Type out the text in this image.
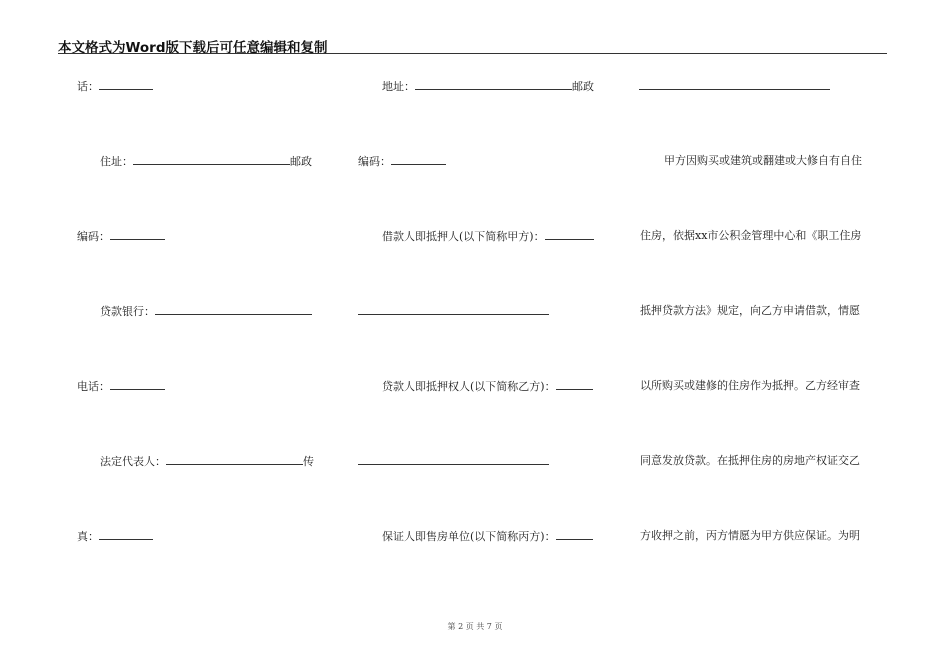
本文格式为Word版下载后可任意编辑和复制
话：
住址：	邮政
编码：
贷款银行：
电话：
法定代表人：	传
真：
地址：	邮政
编码：
借款人即抵押人(以下简称甲方)：
贷款人即抵押权人(以下简称乙方)：
保证人即售房单位(以下简称丙方)：
甲方因购买或建筑或翻建或大修自有自住
住房，依据xx市公积金管理中心和《职工住房
抵押贷款方法》规定，向乙方申请借款，情愿
以所购买或建修的住房作为抵押。乙方经审查
同意发放贷款。在抵押住房的房地产权证交乙
方收押之前，丙方情愿为甲方供应保证。为明
第 2 页 共 7 页
